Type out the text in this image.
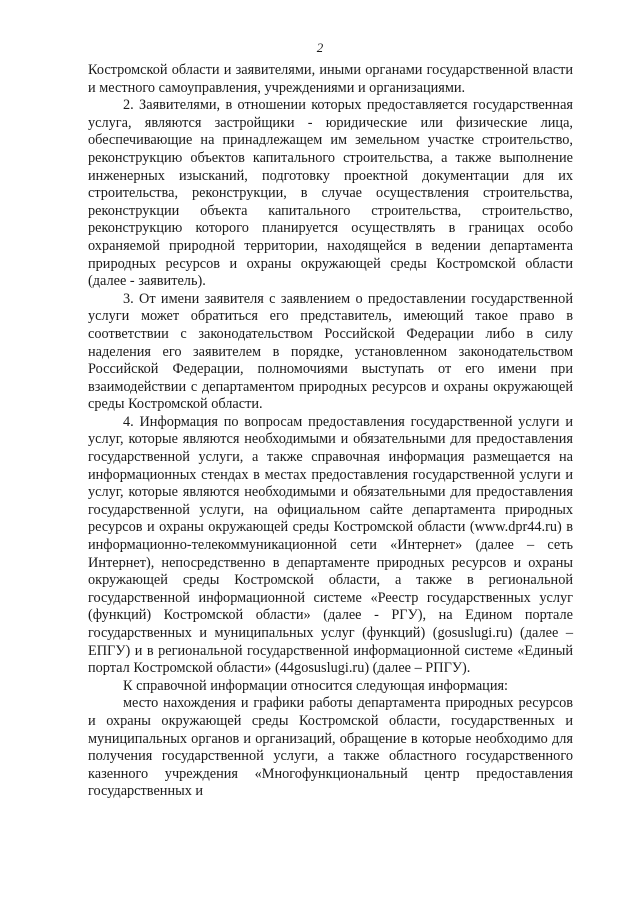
2

Костромской области и заявителями, иными органами государственной власти и местного самоуправления, учреждениями и организациями.

2. Заявителями, в отношении которых предоставляется государственная услуга, являются застройщики - юридические или физические лица, обеспечивающие на принадлежащем им земельном участке строительство, реконструкцию объектов капитального строительства, а также выполнение инженерных изысканий, подготовку проектной документации для их строительства, реконструкции, в случае осуществления строительства, реконструкции объекта капитального строительства, строительство, реконструкцию которого планируется осуществлять в границах особо охраняемой природной территории, находящейся в ведении департамента природных ресурсов и охраны окружающей среды Костромской области (далее - заявитель).

3. От имени заявителя с заявлением о предоставлении государственной услуги может обратиться его представитель, имеющий такое право в соответствии с законодательством Российской Федерации либо в силу наделения его заявителем в порядке, установленном законодательством Российской Федерации, полномочиями выступать от его имени при взаимодействии с департаментом природных ресурсов и охраны окружающей среды Костромской области.

4. Информация по вопросам предоставления государственной услуги и услуг, которые являются необходимыми и обязательными для предоставления государственной услуги, а также справочная информация размещается на информационных стендах в местах предоставления государственной услуги и услуг, которые являются необходимыми и обязательными для предоставления государственной услуги, на официальном сайте департамента природных ресурсов и охраны окружающей среды Костромской области (www.dpr44.ru) в информационно-телекоммуникационной сети «Интернет» (далее – сеть Интернет), непосредственно в департаменте природных ресурсов и охраны окружающей среды Костромской области, а также в региональной государственной информационной системе «Реестр государственных услуг (функций) Костромской области» (далее - РГУ), на Едином портале государственных и муниципальных услуг (функций) (gosuslugi.ru) (далее – ЕПГУ) и в региональной государственной информационной системе «Единый портал Костромской области» (44gosuslugi.ru) (далее – РПГУ).

К справочной информации относится следующая информация:

место нахождения и графики работы департамента природных ресурсов и охраны окружающей среды Костромской области, государственных и муниципальных органов и организаций, обращение в которые необходимо для получения государственной услуги, а также областного государственного казенного учреждения «Многофункциональный центр предоставления государственных и
